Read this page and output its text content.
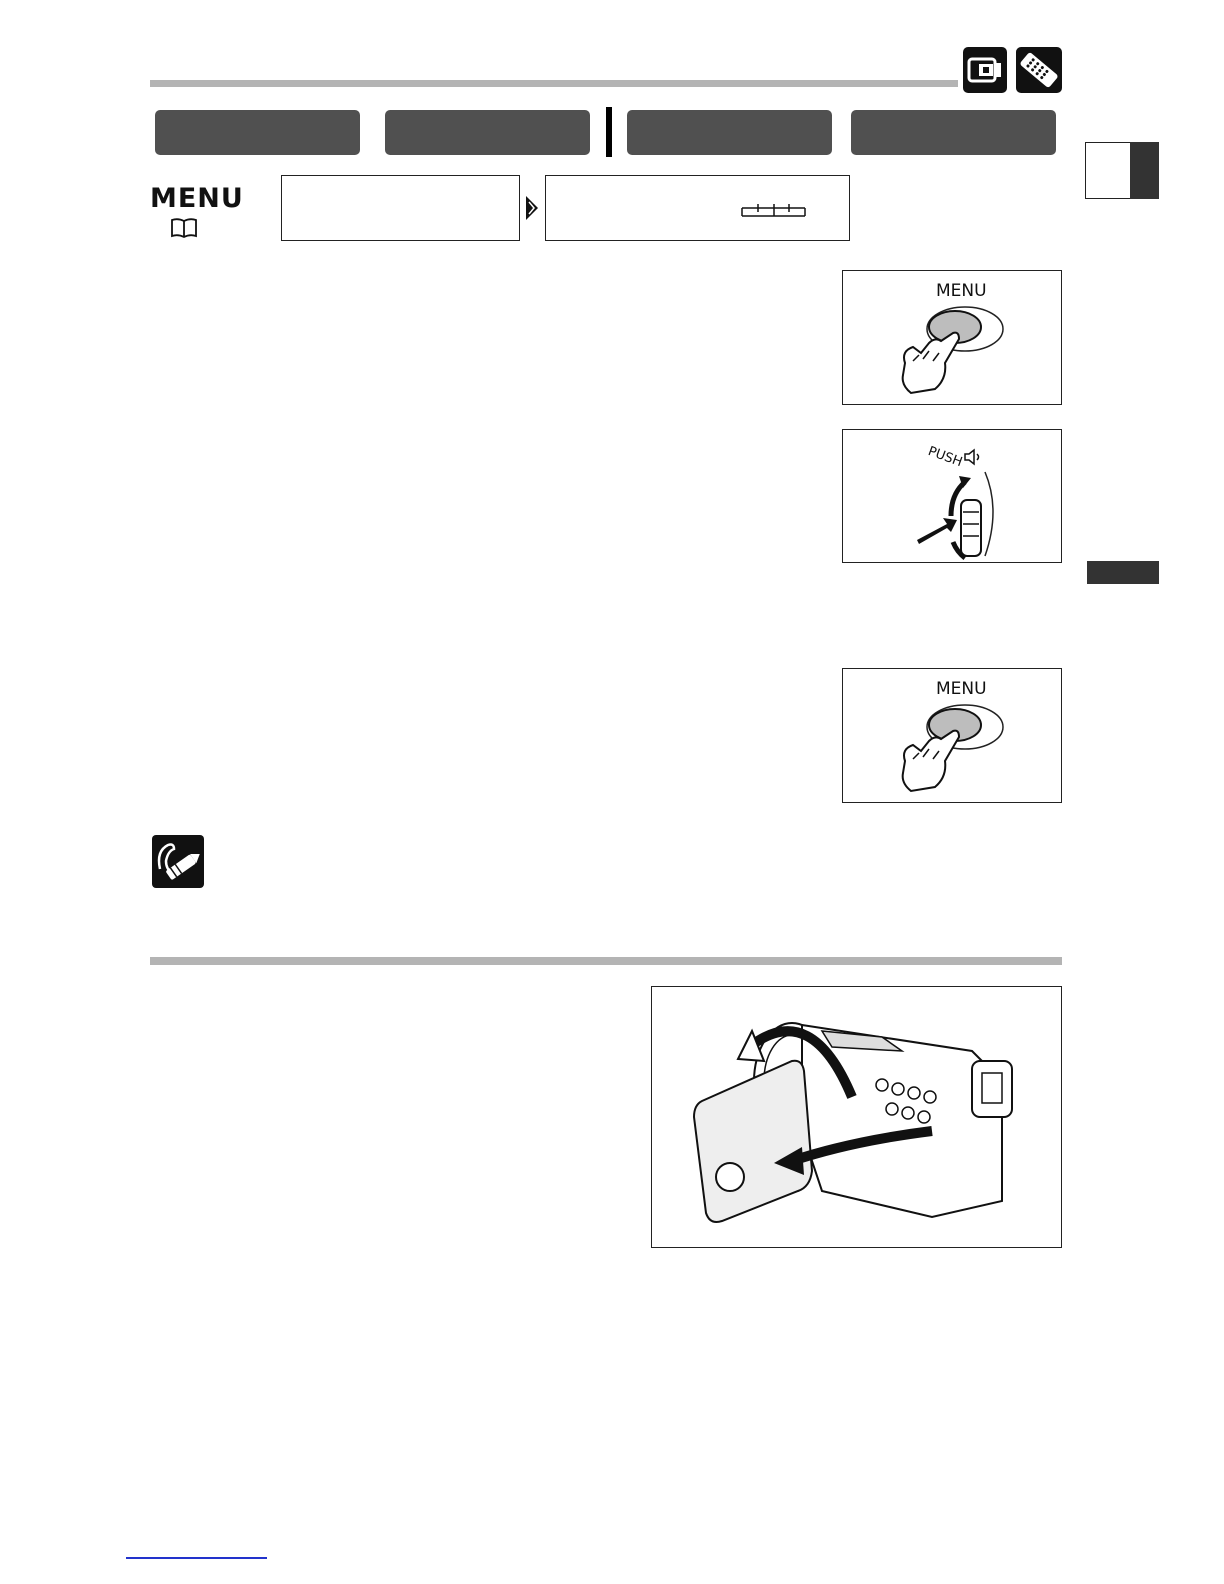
MENU
MENU
PUSH
MENU
